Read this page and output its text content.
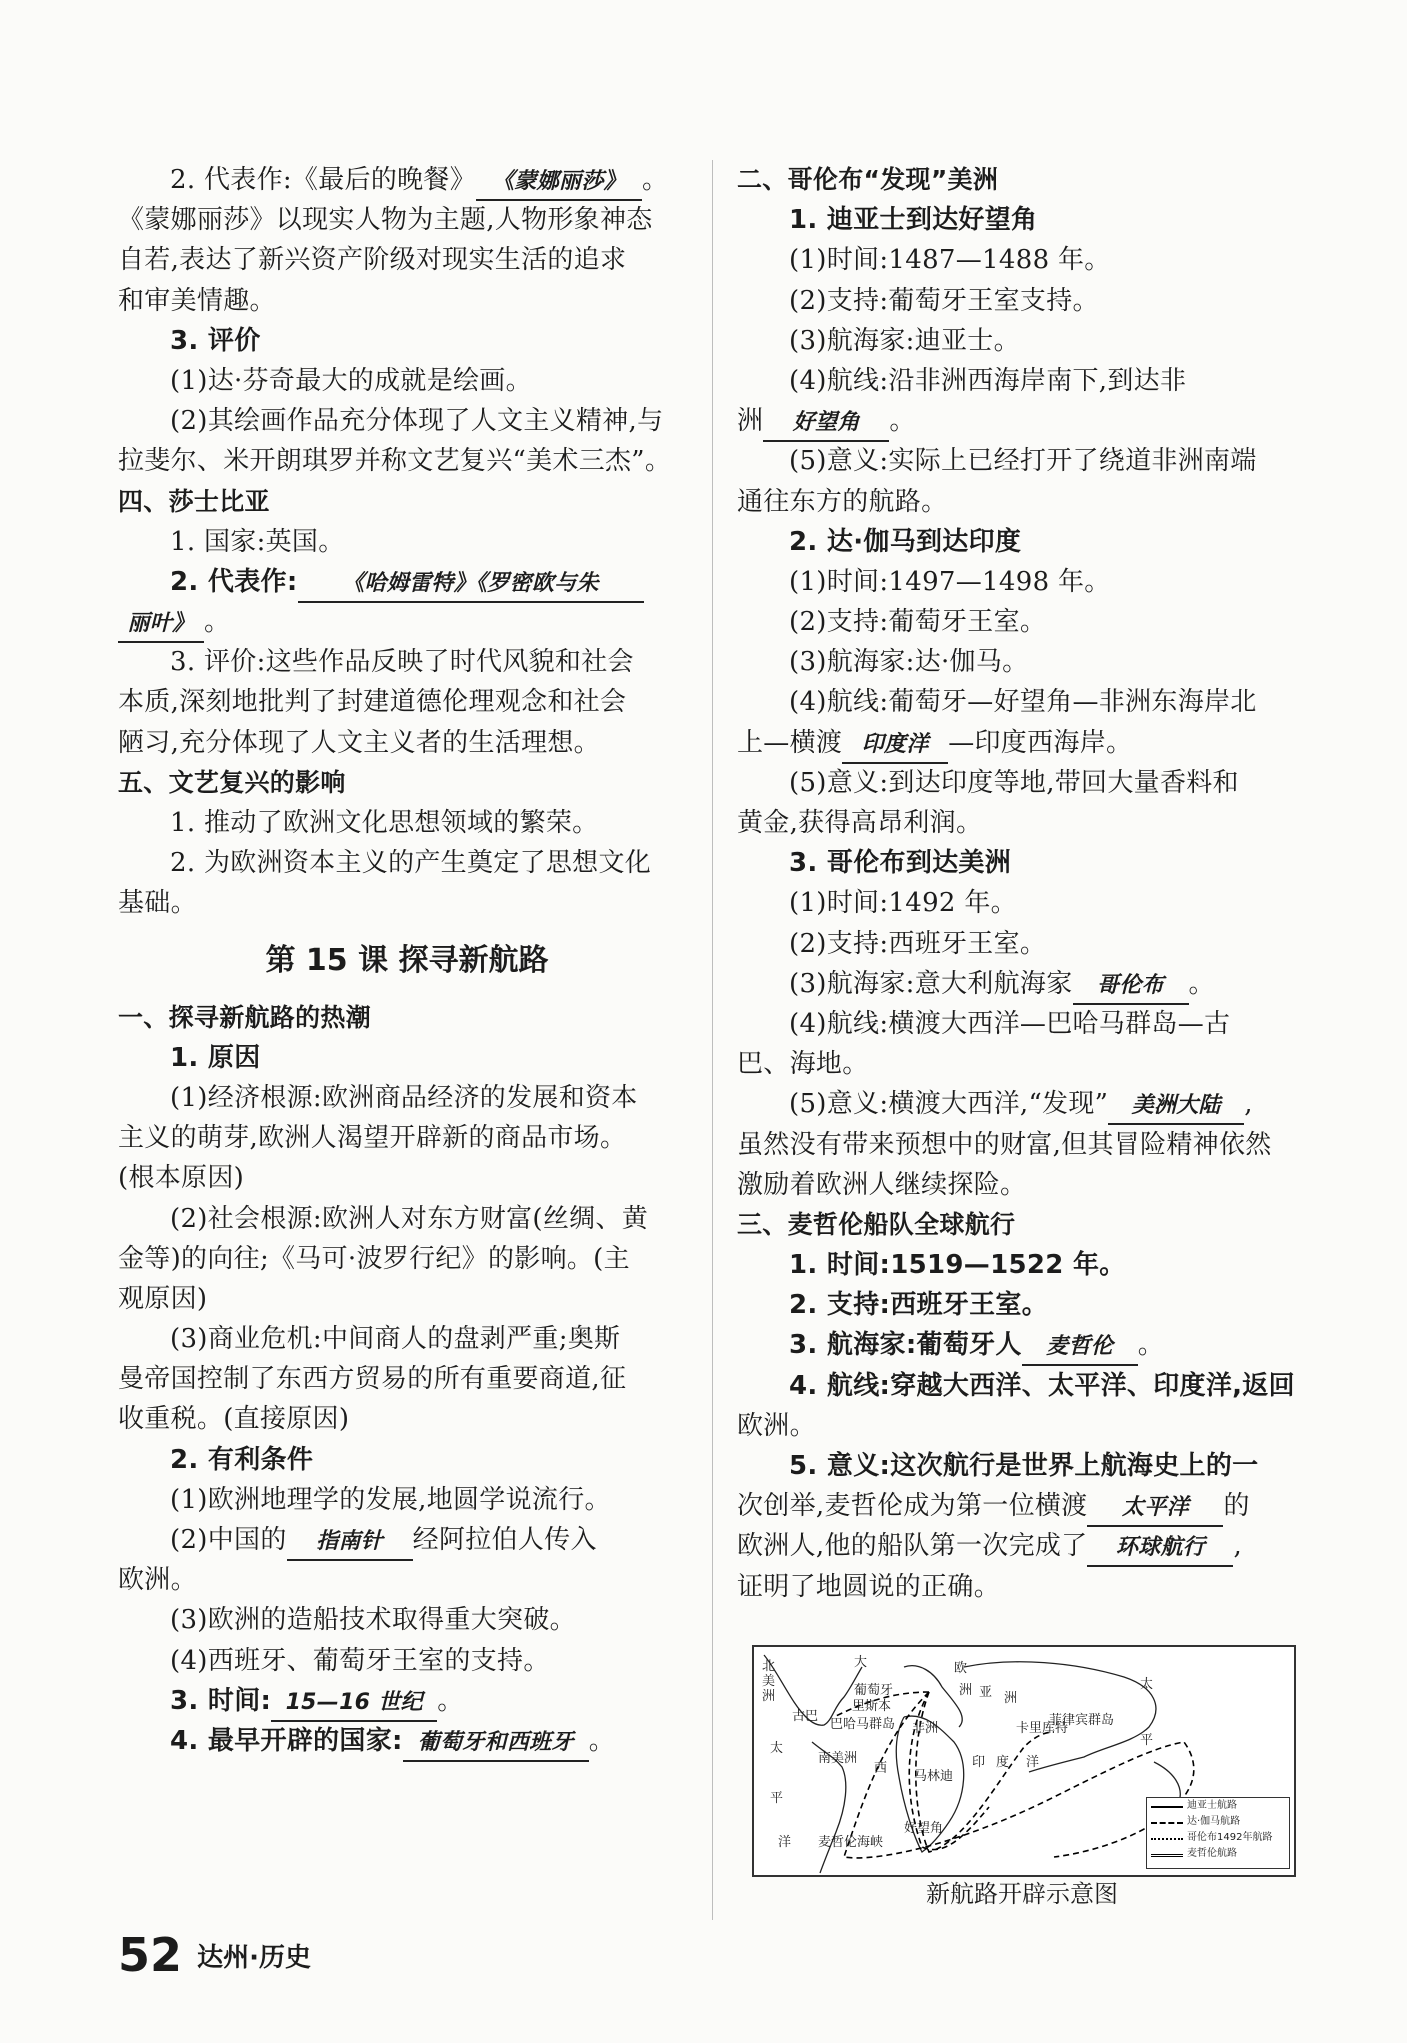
2. 代表作:《最后的晚餐》 《蒙娜丽莎》 。
《蒙娜丽莎》以现实人物为主题,人物形象神态
自若,表达了新兴资产阶级对现实生活的追求
和审美情趣。
3. 评价
(1)达·芬奇最大的成就是绘画。
(2)其绘画作品充分体现了人文主义精神,与
拉斐尔、米开朗琪罗并称文艺复兴“美术三杰”。
四、莎士比亚
1. 国家:英国。
2. 代表作: 《哈姆雷特》《罗密欧与朱
丽叶》 。
3. 评价:这些作品反映了时代风貌和社会
本质,深刻地批判了封建道德伦理观念和社会
陋习,充分体现了人文主义者的生活理想。
五、文艺复兴的影响
1. 推动了欧洲文化思想领域的繁荣。
2. 为欧洲资本主义的产生奠定了思想文化
基础。
第 15 课 探寻新航路
一、探寻新航路的热潮
1. 原因
(1)经济根源:欧洲商品经济的发展和资本
主义的萌芽,欧洲人渴望开辟新的商品市场。
(根本原因)
(2)社会根源:欧洲人对东方财富(丝绸、黄
金等)的向往;《马可·波罗行纪》的影响。(主
观原因)
(3)商业危机:中间商人的盘剥严重;奥斯
曼帝国控制了东西方贸易的所有重要商道,征
收重税。(直接原因)
2. 有利条件
(1)欧洲地理学的发展,地圆学说流行。
(2)中国的 指南针 经阿拉伯人传入
欧洲。
(3)欧洲的造船技术取得重大突破。
(4)西班牙、葡萄牙王室的支持。
3. 时间: 15—16 世纪 。
4. 最早开辟的国家: 葡萄牙和西班牙 。
二、哥伦布“发现”美洲
1. 迪亚士到达好望角
(1)时间:1487—1488 年。
(2)支持:葡萄牙王室支持。
(3)航海家:迪亚士。
(4)航线:沿非洲西海岸南下,到达非
洲 好望角 。
(5)意义:实际上已经打开了绕道非洲南端
通往东方的航路。
2. 达·伽马到达印度
(1)时间:1497—1498 年。
(2)支持:葡萄牙王室。
(3)航海家:达·伽马。
(4)航线:葡萄牙—好望角—非洲东海岸北
上—横渡 印度洋 —印度西海岸。
(5)意义:到达印度等地,带回大量香料和
黄金,获得高昂利润。
3. 哥伦布到达美洲
(1)时间:1492 年。
(2)支持:西班牙王室。
(3)航海家:意大利航海家 哥伦布 。
(4)航线:横渡大西洋—巴哈马群岛—古
巴、海地。
(5)意义:横渡大西洋,“发现” 美洲大陆 ,
虽然没有带来预想中的财富,但其冒险精神依然
激励着欧洲人继续探险。
三、麦哲伦船队全球航行
1. 时间:1519—1522 年。
2. 支持:西班牙王室。
3. 航海家:葡萄牙人 麦哲伦 。
4. 航线:穿越大西洋、太平洋、印度洋,返回
欧洲。
5. 意义:这次航行是世界上航海史上的一
次创举,麦哲伦成为第一位横渡 太平洋 的
欧洲人,他的船队第一次完成了 环球航行 ,
证明了地圆说的正确。
北美洲
大	欧
洲 亚 洲
葡萄牙
里斯本
古巴
巴哈马群岛 非洲	卡里库特
菲律宾群岛
太
南美洲
马林迪
印 度 洋
平
洋
好望角
麦哲伦海峡
太
平
西
迪亚士航路
达·伽马航路
哥伦布1492年航路
麦哲伦航路
新航路开辟示意图
52 达州·历史
